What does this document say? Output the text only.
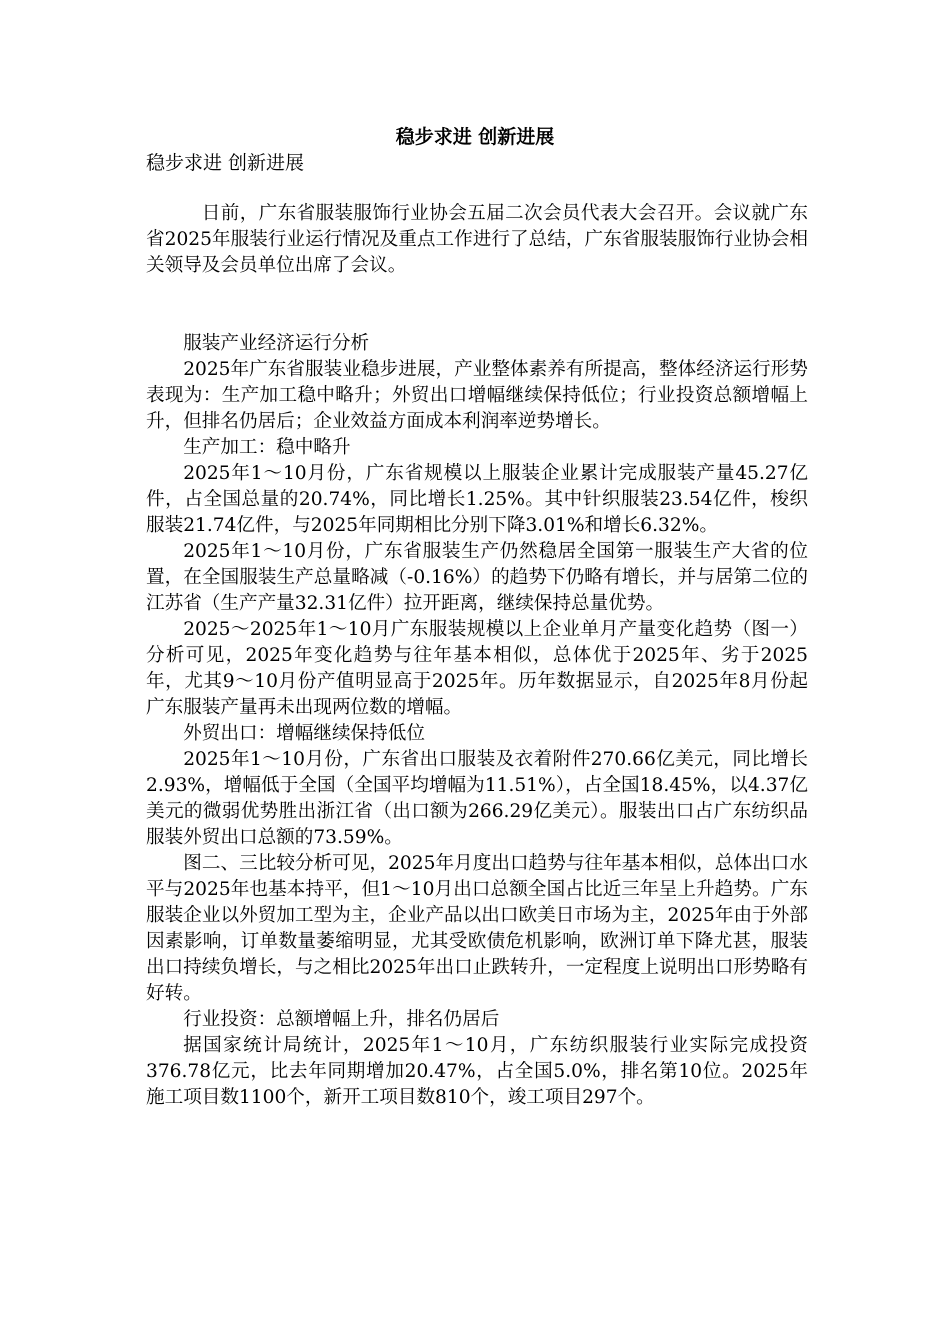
稳步求进 创新进展
稳步求进 创新进展

日前，广东省服装服饰行业协会五届二次会员代表大会召开。会议就广东省2025年服装行业运行情况及重点工作进行了总结，广东省服装服饰行业协会相关领导及会员单位出席了会议。

服装产业经济运行分析

2025年广东省服装业稳步进展，产业整体素养有所提高，整体经济运行形势表现为：生产加工稳中略升；外贸出口增幅继续保持低位；行业投资总额增幅上升，但排名仍居后；企业效益方面成本利润率逆势增长。

生产加工：稳中略升

2025年1～10月份，广东省规模以上服装企业累计完成服装产量45.27亿件，占全国总量的20.74%，同比增长1.25%。其中针织服装23.54亿件，梭织服装21.74亿件，与2025年同期相比分别下降3.01%和增长6.32%。

2025年1～10月份，广东省服装生产仍然稳居全国第一服装生产大省的位置，在全国服装生产总量略减（-0.16%）的趋势下仍略有增长，并与居第二位的江苏省（生产产量32.31亿件）拉开距离，继续保持总量优势。

2025～2025年1～10月广东服装规模以上企业单月产量变化趋势（图一）分析可见，2025年变化趋势与往年基本相似，总体优于2025年、劣于2025年，尤其9～10月份产值明显高于2025年。历年数据显示，自2025年8月份起广东服装产量再未出现两位数的增幅。

外贸出口：增幅继续保持低位

2025年1～10月份，广东省出口服装及衣着附件270.66亿美元，同比增长2.93%，增幅低于全国（全国平均增幅为11.51%），占全国18.45%，以4.37亿美元的微弱优势胜出浙江省（出口额为266.29亿美元）。服装出口占广东纺织品服装外贸出口总额的73.59%。

图二、三比较分析可见，2025年月度出口趋势与往年基本相似，总体出口水平与2025年也基本持平，但1～10月出口总额全国占比近三年呈上升趋势。广东服装企业以外贸加工型为主，企业产品以出口欧美日市场为主，2025年由于外部因素影响，订单数量萎缩明显，尤其受欧债危机影响，欧洲订单下降尤甚，服装出口持续负增长，与之相比2025年出口止跌转升，一定程度上说明出口形势略有好转。

行业投资：总额增幅上升，排名仍居后

据国家统计局统计，2025年1～10月，广东纺织服装行业实际完成投资376.78亿元，比去年同期增加20.47%，占全国5.0%，排名第10位。2025年施工项目数1100个，新开工项目数810个，竣工项目297个。
